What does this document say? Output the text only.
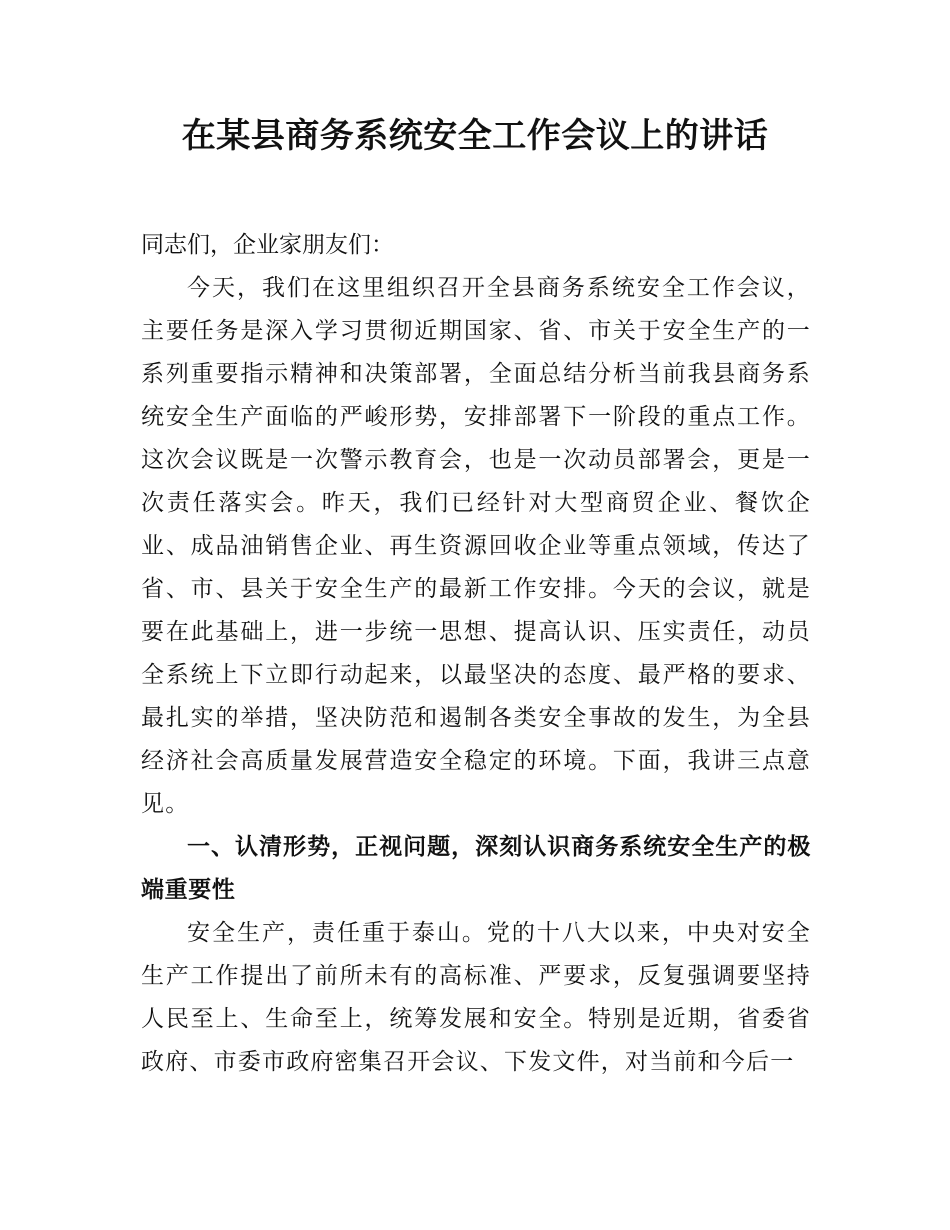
在某县商务系统安全工作会议上的讲话

同志们，企业家朋友们：

今天，我们在这里组织召开全县商务系统安全工作会议，主要任务是深入学习贯彻近期国家、省、市关于安全生产的一系列重要指示精神和决策部署，全面总结分析当前我县商务系统安全生产面临的严峻形势，安排部署下一阶段的重点工作。这次会议既是一次警示教育会，也是一次动员部署会，更是一次责任落实会。昨天，我们已经针对大型商贸企业、餐饮企业、成品油销售企业、再生资源回收企业等重点领域，传达了省、市、县关于安全生产的最新工作安排。今天的会议，就是要在此基础上，进一步统一思想、提高认识、压实责任，动员全系统上下立即行动起来，以最坚决的态度、最严格的要求、最扎实的举措，坚决防范和遏制各类安全事故的发生，为全县经济社会高质量发展营造安全稳定的环境。下面，我讲三点意见。

一、认清形势，正视问题，深刻认识商务系统安全生产的极端重要性

安全生产，责任重于泰山。党的十八大以来，中央对安全生产工作提出了前所未有的高标准、严要求，反复强调要坚持人民至上、生命至上，统筹发展和安全。特别是近期，省委省政府、市委市政府密集召开会议、下发文件，对当前和今后一
